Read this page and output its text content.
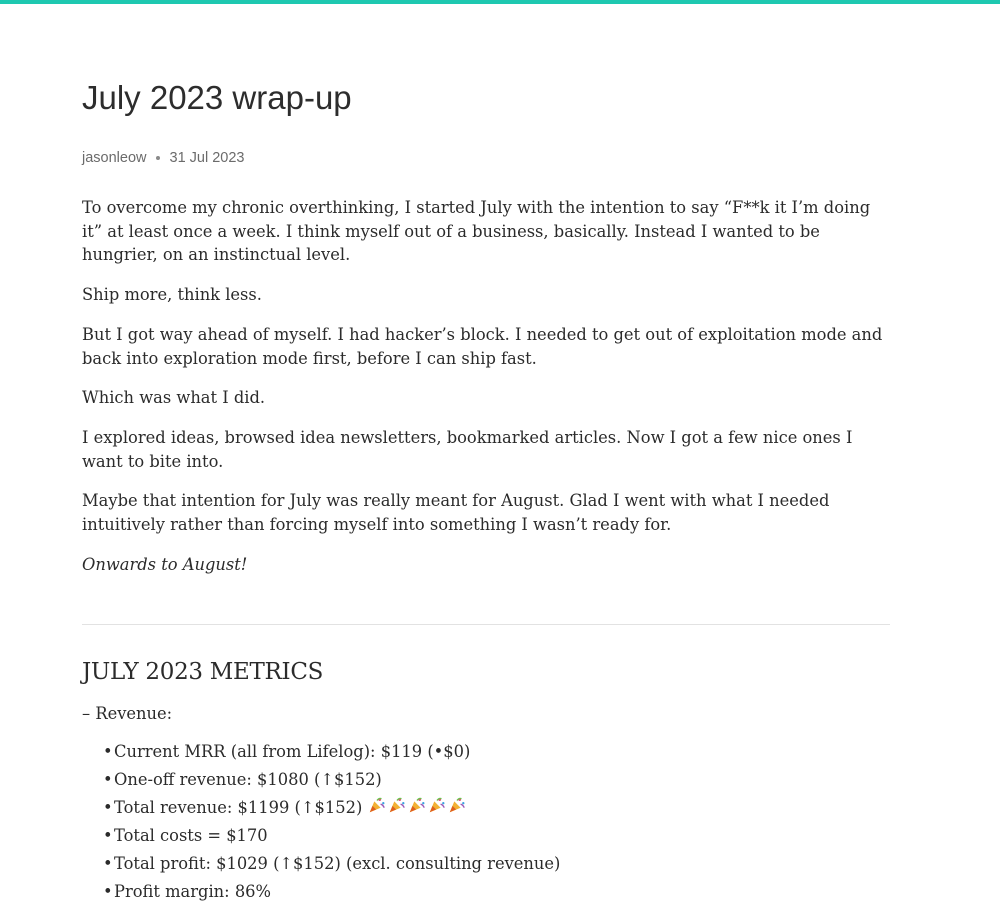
July 2023 wrap-up
jasonleow 31 Jul 2023

To overcome my chronic overthinking, I started July with the intention to say “F**k it I’m doing it” at least once a week. I think myself out of a business, basically. Instead I wanted to be hungrier, on an instinctual level.

Ship more, think less.

But I got way ahead of myself. I had hacker’s block. I needed to get out of exploitation mode and back into exploration mode first, before I can ship fast.

Which was what I did.

I explored ideas, browsed idea newsletters, bookmarked articles. Now I got a few nice ones I want to bite into.

Maybe that intention for July was really meant for August. Glad I went with what I needed intuitively rather than forcing myself into something I wasn’t ready for.

Onwards to August!

JULY 2023 METRICS
– Revenue:
• Current MRR (all from Lifelog): $119 (•$0)
• One-off revenue: $1080 (↑$152)
• Total revenue: $1199 (↑$152)
• Total costs = $170
• Total profit: $1029 (↑$152) (excl. consulting revenue)
• Profit margin: 86%
